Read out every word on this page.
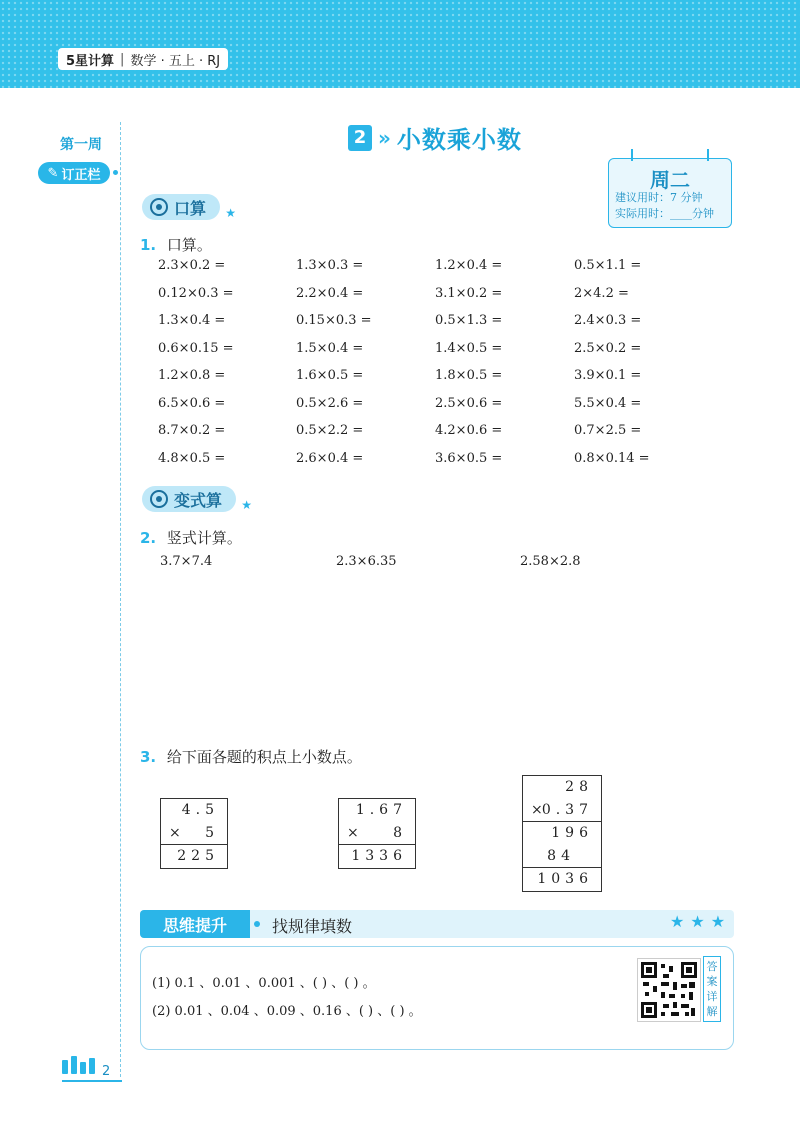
5星计算 | 数学 · 五上 · RJ
第一周
✎ 订正栏
2 » 小数乘小数
周二
建议用时：7 分钟
实际用时：____分钟
口算 ★
1. 口算。
2.3×0.2 =	1.3×0.3 =	1.2×0.4 =	0.5×1.1 =
0.12×0.3 =	2.2×0.4 =	3.1×0.2 =	2×4.2 =
1.3×0.4 =	0.15×0.3 =	0.5×1.3 =	2.4×0.3 =
0.6×0.15 =	1.5×0.4 =	1.4×0.5 =	2.5×0.2 =
1.2×0.8 =	1.6×0.5 =	1.8×0.5 =	3.9×0.1 =
6.5×0.6 =	0.5×2.6 =	2.5×0.6 =	5.5×0.4 =
8.7×0.2 =	0.5×2.2 =	4.2×0.6 =	0.7×2.5 =
4.8×0.5 =	2.6×0.4 =	3.6×0.5 =	0.8×0.14 =
变式算 ★
2. 竖式计算。
3.7×7.4	2.3×6.35	2.58×2.8
3. 给下面各题的积点上小数点。
4.5
× 5
225
1.67
× 8
1336
28
× 0.37
196
84
1036
思维提升	找规律填数	★★★
(1) 0.1 、0.01 、0.001 、( ) 、( ) 。
(2) 0.01 、0.04 、0.09 、0.16 、( ) 、( ) 。
答
案
详
解
2
